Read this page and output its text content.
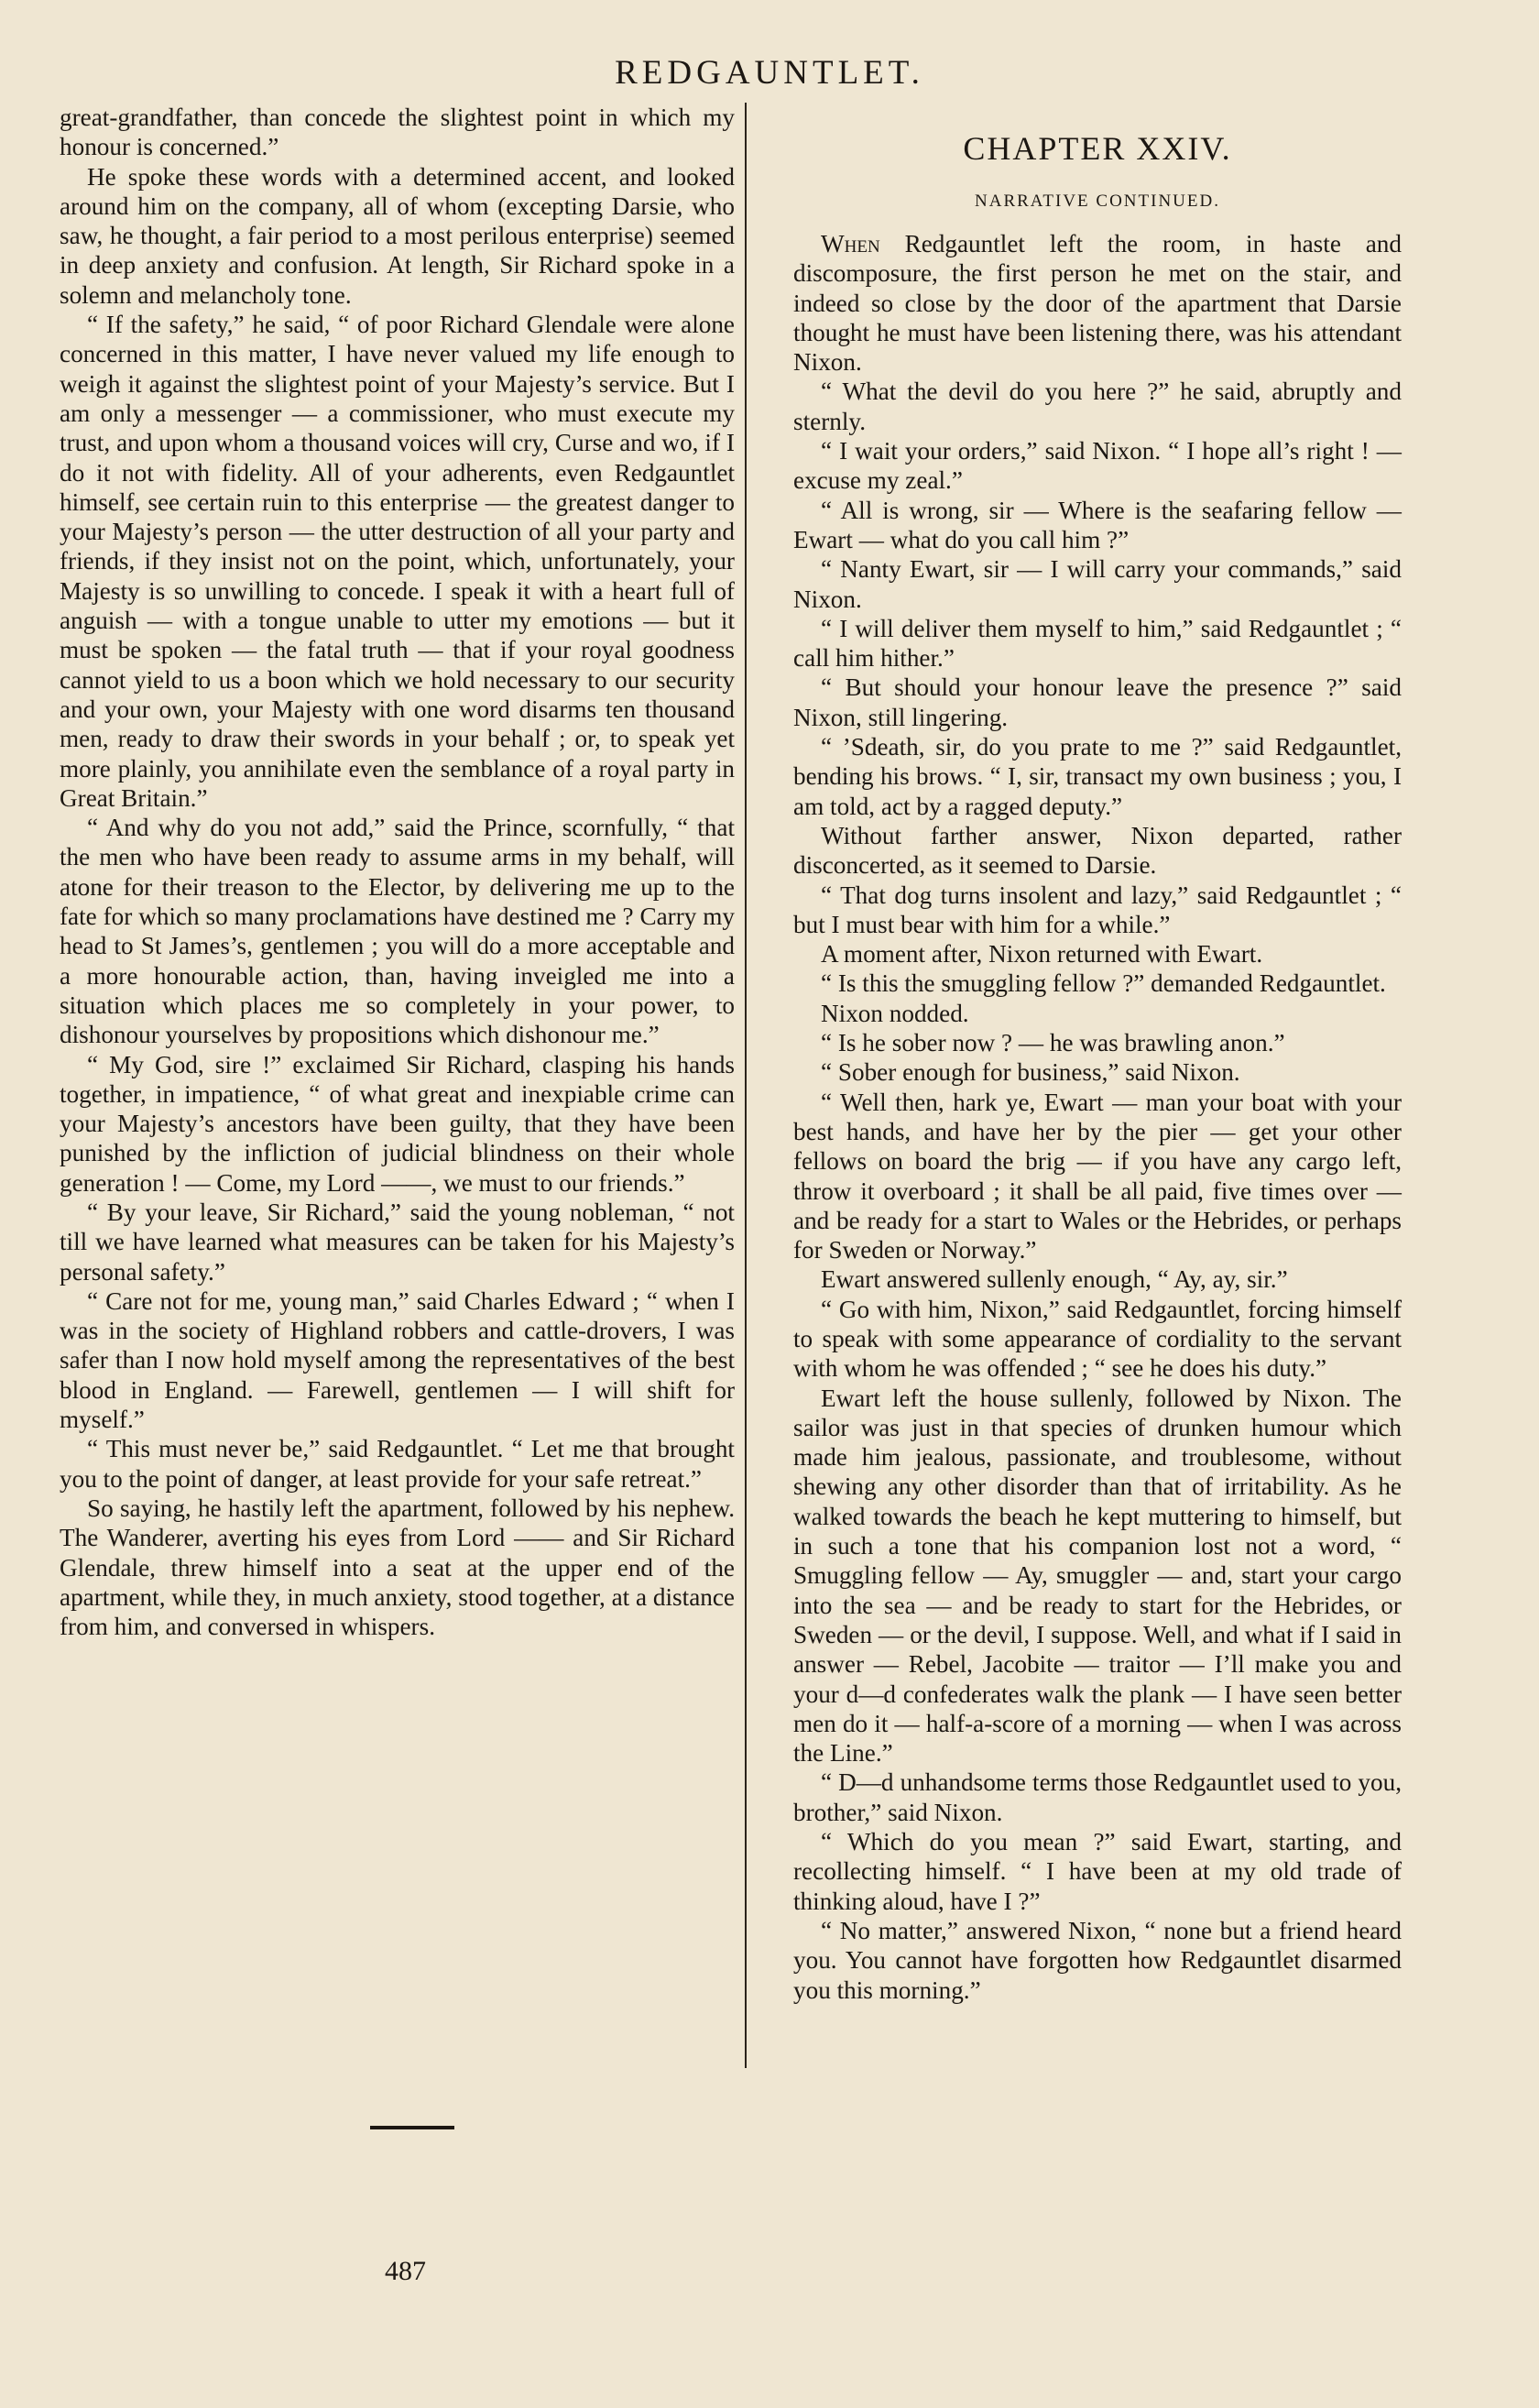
REDGAUNTLET.

great-grandfather, than concede the slightest point in which my honour is concerned.”

He spoke these words with a determined accent, and looked around him on the company, all of whom (excepting Darsie, who saw, he thought, a fair period to a most perilous enterprise) seemed in deep anxiety and confusion. At length, Sir Richard spoke in a solemn and melancholy tone.

“ If the safety,” he said, “ of poor Richard Glendale were alone concerned in this matter, I have never valued my life enough to weigh it against the slightest point of your Majesty’s service. But I am only a messenger — a commissioner, who must execute my trust, and upon whom a thousand voices will cry, Curse and wo, if I do it not with fidelity. All of your adherents, even Redgauntlet himself, see certain ruin to this enterprise — the greatest danger to your Majesty’s person — the utter destruction of all your party and friends, if they insist not on the point, which, unfortunately, your Majesty is so unwilling to concede. I speak it with a heart full of anguish — with a tongue unable to utter my emotions — but it must be spoken — the fatal truth — that if your royal goodness cannot yield to us a boon which we hold necessary to our security and your own, your Majesty with one word disarms ten thousand men, ready to draw their swords in your behalf ; or, to speak yet more plainly, you annihilate even the semblance of a royal party in Great Britain.”

“ And why do you not add,” said the Prince, scornfully, “ that the men who have been ready to assume arms in my behalf, will atone for their treason to the Elector, by delivering me up to the fate for which so many proclamations have destined me ? Carry my head to St James’s, gentlemen ; you will do a more acceptable and a more honourable action, than, having inveigled me into a situation which places me so completely in your power, to dishonour yourselves by propositions which dishonour me.”

“ My God, sire !” exclaimed Sir Richard, clasping his hands together, in impatience, “ of what great and inexpiable crime can your Majesty’s ancestors have been guilty, that they have been punished by the infliction of judicial blindness on their whole generation ! — Come, my Lord ——, we must to our friends.”

“ By your leave, Sir Richard,” said the young nobleman, “ not till we have learned what measures can be taken for his Majesty’s personal safety.”

“ Care not for me, young man,” said Charles Edward ; “ when I was in the society of Highland robbers and cattle-drovers, I was safer than I now hold myself among the representatives of the best blood in England. — Farewell, gentlemen — I will shift for myself.”

“ This must never be,” said Redgauntlet. “ Let me that brought you to the point of danger, at least provide for your safe retreat.”

So saying, he hastily left the apartment, followed by his nephew. The Wanderer, averting his eyes from Lord —— and Sir Richard Glendale, threw himself into a seat at the upper end of the apartment, while they, in much anxiety, stood together, at a distance from him, and conversed in whispers.

CHAPTER XXIV.
NARRATIVE CONTINUED.

When Redgauntlet left the room, in haste and discomposure, the first person he met on the stair, and indeed so close by the door of the apartment that Darsie thought he must have been listening there, was his attendant Nixon.

“ What the devil do you here ?” he said, abruptly and sternly.

“ I wait your orders,” said Nixon. “ I hope all’s right ! — excuse my zeal.”

“ All is wrong, sir — Where is the seafaring fellow — Ewart — what do you call him ?”

“ Nanty Ewart, sir — I will carry your commands,” said Nixon.

“ I will deliver them myself to him,” said Redgauntlet ; “ call him hither.”

“ But should your honour leave the presence ?” said Nixon, still lingering.

“ ’Sdeath, sir, do you prate to me ?” said Redgauntlet, bending his brows. “ I, sir, transact my own business ; you, I am told, act by a ragged deputy.”

Without farther answer, Nixon departed, rather disconcerted, as it seemed to Darsie.

“ That dog turns insolent and lazy,” said Redgauntlet ; “ but I must bear with him for a while.”

A moment after, Nixon returned with Ewart.

“ Is this the smuggling fellow ?” demanded Redgauntlet.

Nixon nodded.

“ Is he sober now ? — he was brawling anon.”

“ Sober enough for business,” said Nixon.

“ Well then, hark ye, Ewart — man your boat with your best hands, and have her by the pier — get your other fellows on board the brig — if you have any cargo left, throw it overboard ; it shall be all paid, five times over — and be ready for a start to Wales or the Hebrides, or perhaps for Sweden or Norway.”

Ewart answered sullenly enough, “ Ay, ay, sir.”

“ Go with him, Nixon,” said Redgauntlet, forcing himself to speak with some appearance of cordiality to the servant with whom he was offended ; “ see he does his duty.”

Ewart left the house sullenly, followed by Nixon. The sailor was just in that species of drunken humour which made him jealous, passionate, and troublesome, without shewing any other disorder than that of irritability. As he walked towards the beach he kept muttering to himself, but in such a tone that his companion lost not a word, “ Smuggling fellow — Ay, smuggler — and, start your cargo into the sea — and be ready to start for the Hebrides, or Sweden — or the devil, I suppose. Well, and what if I said in answer — Rebel, Jacobite — traitor — I’ll make you and your d—d confederates walk the plank — I have seen better men do it — half-a-score of a morning — when I was across the Line.”

“ D—d unhandsome terms those Redgauntlet used to you, brother,” said Nixon.

“ Which do you mean ?” said Ewart, starting, and recollecting himself. “ I have been at my old trade of thinking aloud, have I ?”

“ No matter,” answered Nixon, “ none but a friend heard you. You cannot have forgotten how Redgauntlet disarmed you this morning.”

487
